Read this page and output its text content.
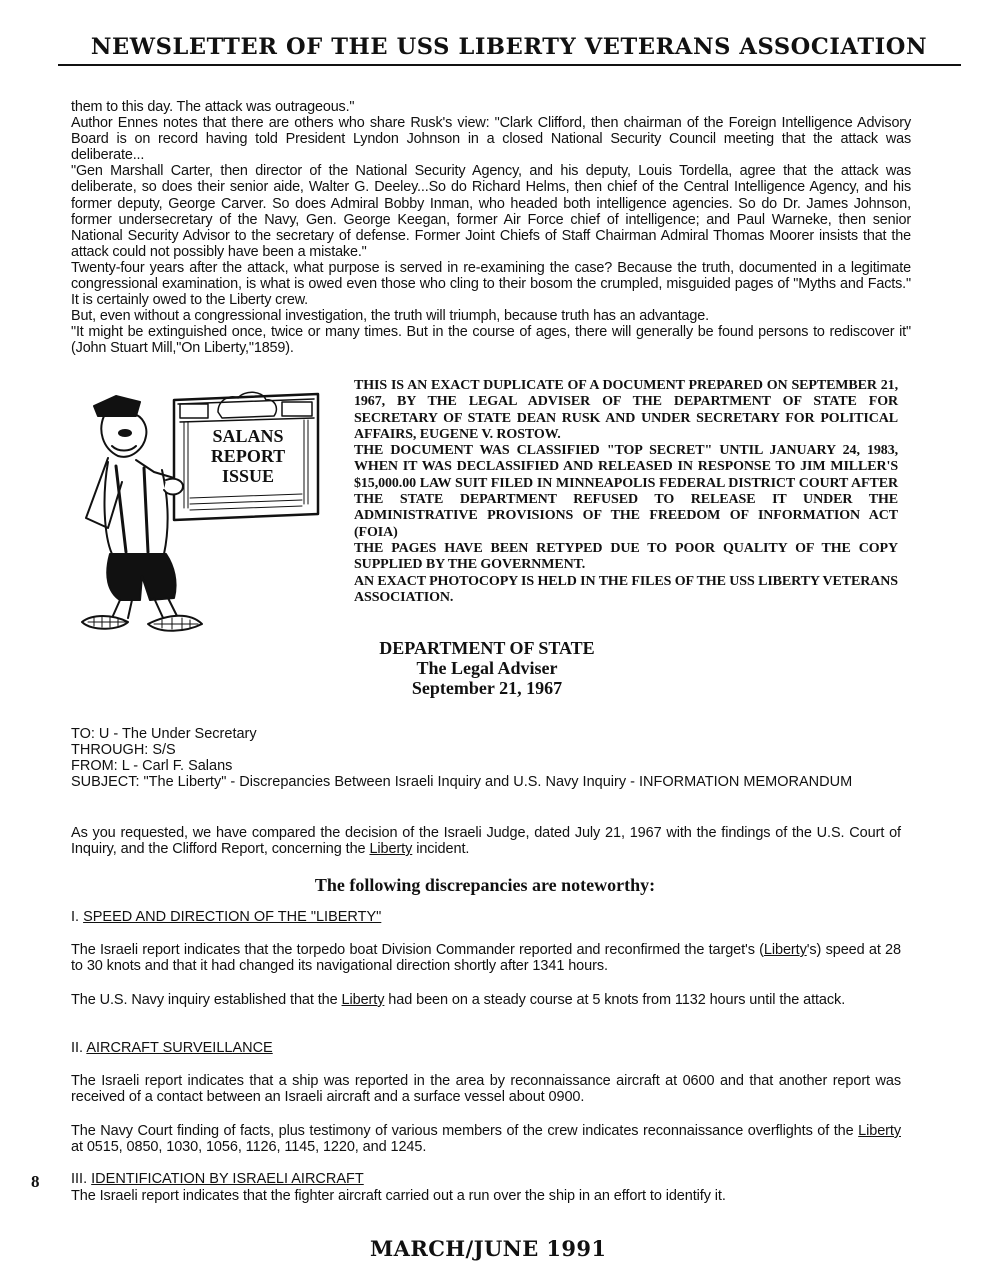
NEWSLETTER OF THE USS LIBERTY VETERANS ASSOCIATION

them to this day. The attack was outrageous."

Author Ennes notes that there are others who share Rusk's view: "Clark Clifford, then chairman of the Foreign Intelligence Advisory Board is on record having told President Lyndon Johnson in a closed National Security Council meeting that the attack was deliberate...

"Gen Marshall Carter, then director of the National Security Agency, and his deputy, Louis Tordella, agree that the attack was deliberate, so does their senior aide, Walter G. Deeley...So do Richard Helms, then chief of the Central Intelligence Agency, and his former deputy, George Carver. So does Admiral Bobby Inman, who headed both intelligence agencies. So do Dr. James Johnson, former undersecretary of the Navy, Gen. George Keegan, former Air Force chief of intelligence; and Paul Warneke, then senior National Security Advisor to the secretary of defense. Former Joint Chiefs of Staff Chairman Admiral Thomas Moorer insists that the attack could not possibly have been a mistake."

Twenty-four years after the attack, what purpose is served in re-examining the case? Because the truth, documented in a legitimate congressional examination, is what is owed even those who cling to their bosom the crumpled, misguided pages of "Myths and Facts." It is certainly owed to the Liberty crew.

But, even without a congressional investigation, the truth will triumph, because truth has an advantage.

"It might be extinguished once, twice or many times. But in the course of ages, there will generally be found persons to rediscover it" (John Stuart Mill,"On Liberty,"1859).

SALANS
REPORT
ISSUE

THIS IS AN EXACT DUPLICATE OF A DOCUMENT PREPARED ON SEPTEMBER 21, 1967, BY THE LEGAL ADVISER OF THE DEPARTMENT OF STATE FOR SECRETARY OF STATE DEAN RUSK AND UNDER SECRETARY FOR POLITICAL AFFAIRS, EUGENE V. ROSTOW.

THE DOCUMENT WAS CLASSIFIED "TOP SECRET" UNTIL JANUARY 24, 1983, WHEN IT WAS DECLASSIFIED AND RELEASED IN RESPONSE TO JIM MILLER'S $15,000.00 LAW SUIT FILED IN MINNEAPOLIS FEDERAL DISTRICT COURT AFTER THE STATE DEPARTMENT REFUSED TO RELEASE IT UNDER THE ADMINISTRATIVE PROVISIONS OF THE FREEDOM OF INFORMATION ACT (FOIA)

THE PAGES HAVE BEEN RETYPED DUE TO POOR QUALITY OF THE COPY SUPPLIED BY THE GOVERNMENT.

AN EXACT PHOTOCOPY IS HELD IN THE FILES OF THE USS LIBERTY VETERANS ASSOCIATION.

DEPARTMENT OF STATE
The Legal Adviser
September 21, 1967

TO: U - The Under Secretary

THROUGH: S/S

FROM: L - Carl F. Salans

SUBJECT: "The Liberty" - Discrepancies Between Israeli Inquiry and U.S. Navy Inquiry - INFORMATION MEMORANDUM

As you requested, we have compared the decision of the Israeli Judge, dated July 21, 1967 with the findings of the U.S. Court of Inquiry, and the Clifford Report, concerning the Liberty incident.

The following discrepancies are noteworthy:
I. SPEED AND DIRECTION OF THE "LIBERTY"

The Israeli report indicates that the torpedo boat Division Commander reported and reconfirmed the target's (Liberty's) speed at 28 to 30 knots and that it had changed its navigational direction shortly after 1341 hours.

The U.S. Navy inquiry established that the Liberty had been on a steady course at 5 knots from 1132 hours until the attack.

II. AIRCRAFT SURVEILLANCE

The Israeli report indicates that a ship was reported in the area by reconnaissance aircraft at 0600 and that another report was received of a contact between an Israeli aircraft and a surface vessel about 0900.

The Navy Court finding of facts, plus testimony of various members of the crew indicates reconnaissance overflights of the Liberty at 0515, 0850, 1030, 1056, 1126, 1145, 1220, and 1245.

III. IDENTIFICATION BY ISRAELI AIRCRAFT

The Israeli report indicates that the fighter aircraft carried out a run over the ship in an effort to identify it.

8
MARCH/JUNE 1991
